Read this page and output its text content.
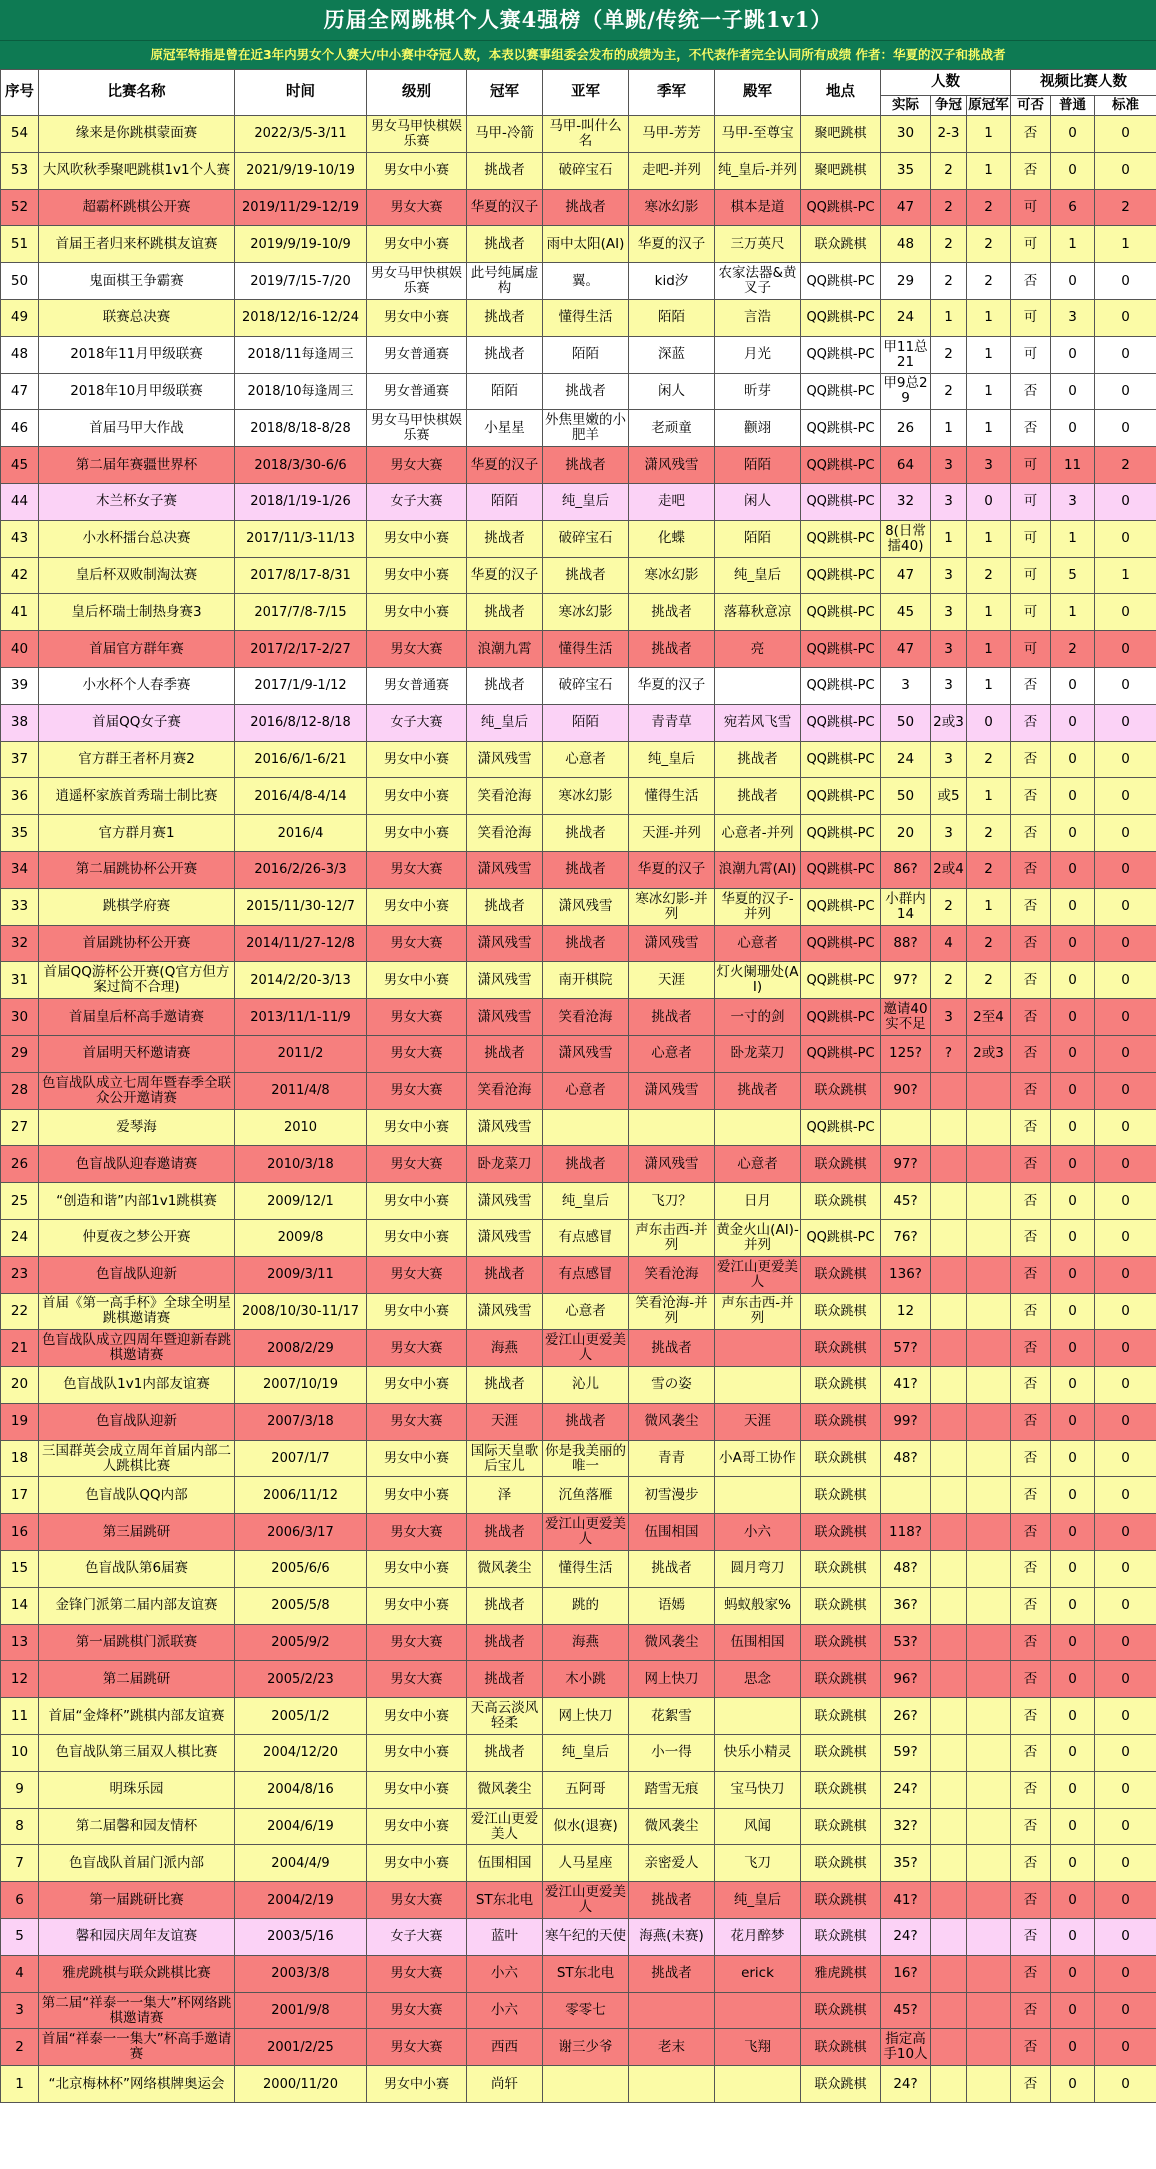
历届全网跳棋个人赛4强榜（单跳/传统一子跳1v1）
原冠军特指是曾在近3年内男女个人赛大/中小赛中夺冠人数，本表以赛事组委会发布的成绩为主，不代表作者完全认同所有成绩 作者：华夏的汉子和挑战者
序号	比赛名称	时间	级别	冠军	亚军	季军	殿军	地点	人数			视频比赛人数		
									实际	争冠	原冠军	可否	普通	标准
54	缘来是你跳棋蒙面赛	2022/3/5-3/11	男女马甲快棋娱乐赛	马甲-冷箭	马甲-叫什么名	马甲-芳芳	马甲-至尊宝	聚吧跳棋	30	2-3	1	否	0	0
53	大风吹秋季聚吧跳棋1v1个人赛	2021/9/19-10/19	男女中小赛	挑战者	破碎宝石	走吧-并列	纯_皇后-并列	聚吧跳棋	35	2	1	否	0	0
52	超霸杯跳棋公开赛	2019/11/29-12/19	男女大赛	华夏的汉子	挑战者	寒冰幻影	棋本是道	QQ跳棋-PC	47	2	2	可	6	2
51	首届王者归来杯跳棋友谊赛	2019/9/19-10/9	男女中小赛	挑战者	雨中太阳(AI)	华夏的汉子	三万英尺	联众跳棋	48	2	2	可	1	1
50	鬼面棋王争霸赛	2019/7/15-7/20	男女马甲快棋娱乐赛	此号纯属虚构	翼。	kid汐	农家法器&黄叉子	QQ跳棋-PC	29	2	2	否	0	0
49	联赛总决赛	2018/12/16-12/24	男女中小赛	挑战者	懂得生活	陌陌	言浩	QQ跳棋-PC	24	1	1	可	3	0
48	2018年11月甲级联赛	2018/11每逢周三	男女普通赛	挑战者	陌陌	深蓝	月光	QQ跳棋-PC	甲11总21	2	1	可	0	0
47	2018年10月甲级联赛	2018/10每逢周三	男女普通赛	陌陌	挑战者	闲人	昕芽	QQ跳棋-PC	甲9总29	2	1	否	0	0
46	首届马甲大作战	2018/8/18-8/28	男女马甲快棋娱乐赛	小星星	外焦里嫩的小肥羊	老顽童	颧翊	QQ跳棋-PC	26	1	1	否	0	0
45	第二届年赛疆世界杯	2018/3/30-6/6	男女大赛	华夏的汉子	挑战者	潇风残雪	陌陌	QQ跳棋-PC	64	3	3	可	11	2
44	木兰杯女子赛	2018/1/19-1/26	女子大赛	陌陌	纯_皇后	走吧	闲人	QQ跳棋-PC	32	3	0	可	3	0
43	小水杯擂台总决赛	2017/11/3-11/13	男女中小赛	挑战者	破碎宝石	化蝶	陌陌	QQ跳棋-PC	8(日常擂40)	1	1	可	1	0
42	皇后杯双败制淘汰赛	2017/8/17-8/31	男女中小赛	华夏的汉子	挑战者	寒冰幻影	纯_皇后	QQ跳棋-PC	47	3	2	可	5	1
41	皇后杯瑞士制热身赛3	2017/7/8-7/15	男女中小赛	挑战者	寒冰幻影	挑战者	落幕秋意凉	QQ跳棋-PC	45	3	1	可	1	0
40	首届官方群年赛	2017/2/17-2/27	男女大赛	浪潮九霄	懂得生活	挑战者	亮	QQ跳棋-PC	47	3	1	可	2	0
39	小水杯个人春季赛	2017/1/9-1/12	男女普通赛	挑战者	破碎宝石	华夏的汉子		QQ跳棋-PC	3	3	1	否	0	0
38	首届QQ女子赛	2016/8/12-8/18	女子大赛	纯_皇后	陌陌	青青草	宛若风飞雪	QQ跳棋-PC	50	2或3	0	否	0	0
37	官方群王者杯月赛2	2016/6/1-6/21	男女中小赛	潇风残雪	心意者	纯_皇后	挑战者	QQ跳棋-PC	24	3	2	否	0	0
36	逍遥杯家族首秀瑞士制比赛	2016/4/8-4/14	男女中小赛	笑看沧海	寒冰幻影	懂得生活	挑战者	QQ跳棋-PC	50	或5	1	否	0	0
35	官方群月赛1	2016/4	男女中小赛	笑看沧海	挑战者	天涯-并列	心意者-并列	QQ跳棋-PC	20	3	2	否	0	0
34	第二届跳协杯公开赛	2016/2/26-3/3	男女大赛	潇风残雪	挑战者	华夏的汉子	浪潮九霄(AI)	QQ跳棋-PC	86?	2或4	2	否	0	0
33	跳棋学府赛	2015/11/30-12/7	男女中小赛	挑战者	潇风残雪	寒冰幻影-并列	华夏的汉子-并列	QQ跳棋-PC	小群内14	2	1	否	0	0
32	首届跳协杯公开赛	2014/11/27-12/8	男女大赛	潇风残雪	挑战者	潇风残雪	心意者	QQ跳棋-PC	88?	4	2	否	0	0
31	首届QQ游杯公开赛(Q官方但方案过简不合理)	2014/2/20-3/13	男女中小赛	潇风残雪	南开棋院	天涯	灯火阑珊处(AI)	QQ跳棋-PC	97?	2	2	否	0	0
30	首届皇后杯高手邀请赛	2013/11/1-11/9	男女大赛	潇风残雪	笑看沧海	挑战者	一寸的剑	QQ跳棋-PC	邀请40实不足	3	2至4	否	0	0
29	首届明天杯邀请赛	2011/2	男女大赛	挑战者	潇风残雪	心意者	卧龙菜刀	QQ跳棋-PC	125?	?	2或3	否	0	0
28	色盲战队成立七周年暨春季全联众公开邀请赛	2011/4/8	男女大赛	笑看沧海	心意者	潇风残雪	挑战者	联众跳棋	90?			否	0	0
27	爱琴海	2010	男女中小赛	潇风残雪				QQ跳棋-PC				否	0	0
26	色盲战队迎春邀请赛	2010/3/18	男女大赛	卧龙菜刀	挑战者	潇风残雪	心意者	联众跳棋	97?			否	0	0
25	“创造和谐”内部1v1跳棋赛	2009/12/1	男女中小赛	潇风残雪	纯_皇后	飞刀？	日月	联众跳棋	45?			否	0	0
24	仲夏夜之梦公开赛	2009/8	男女中小赛	潇风残雪	有点感冒	声东击西-并列	黄金火山(AI)-并列	QQ跳棋-PC	76?			否	0	0
23	色盲战队迎新	2009/3/11	男女大赛	挑战者	有点感冒	笑看沧海	爱江山更爱美人	联众跳棋	136?			否	0	0
22	首届《第一高手杯》全球全明星跳棋邀请赛	2008/10/30-11/17	男女中小赛	潇风残雪	心意者	笑看沧海-并列	声东击西-并列	联众跳棋	12			否	0	0
21	色盲战队成立四周年暨迎新春跳棋邀请赛	2008/2/29	男女大赛	海燕	爱江山更爱美人	挑战者		联众跳棋	57?			否	0	0
20	色盲战队1v1内部友谊赛	2007/10/19	男女中小赛	挑战者	沁儿	雪の姿		联众跳棋	41?			否	0	0
19	色盲战队迎新	2007/3/18	男女大赛	天涯	挑战者	微风袭尘	天涯	联众跳棋	99?			否	0	0
18	三国群英会成立周年首届内部二人跳棋比赛	2007/1/7	男女中小赛	国际天皇歌后宝儿	你是我美丽的唯一	青青	小A哥工协作	联众跳棋	48?			否	0	0
17	色盲战队QQ内部	2006/11/12	男女中小赛	泽	沉鱼落雁	初雪漫步		联众跳棋				否	0	0
16	第三届跳研	2006/3/17	男女大赛	挑战者	爱江山更爱美人	伍围相国	小六	联众跳棋	118?			否	0	0
15	色盲战队第6届赛	2005/6/6	男女中小赛	微风袭尘	懂得生活	挑战者	圆月弯刀	联众跳棋	48?			否	0	0
14	金锋门派第二届内部友谊赛	2005/5/8	男女中小赛	挑战者	跳的	语嫣	蚂蚁般家%	联众跳棋	36?			否	0	0
13	第一届跳棋门派联赛	2005/9/2	男女大赛	挑战者	海燕	微风袭尘	伍围相国	联众跳棋	53?			否	0	0
12	第二届跳研	2005/2/23	男女大赛	挑战者	木小跳	网上快刀	思念	联众跳棋	96?			否	0	0
11	首届“金烽杯”跳棋内部友谊赛	2005/1/2	男女中小赛	天高云淡风轻柔	网上快刀	花絮雪		联众跳棋	26?			否	0	0
10	色盲战队第三届双人棋比赛	2004/12/20	男女中小赛	挑战者	纯_皇后	小一得	快乐小精灵	联众跳棋	59?			否	0	0
9	明珠乐园	2004/8/16	男女中小赛	微风袭尘	五阿哥	踏雪无痕	宝马快刀	联众跳棋	24?			否	0	0
8	第二届馨和园友情杯	2004/6/19	男女中小赛	爱江山更爱美人	似水(退赛)	微风袭尘	风闻	联众跳棋	32?			否	0	0
7	色盲战队首届门派内部	2004/4/9	男女中小赛	伍围相国	人马星座	亲密爱人	飞刀	联众跳棋	35?			否	0	0
6	第一届跳研比赛	2004/2/19	男女大赛	ST东北电	爱江山更爱美人	挑战者	纯_皇后	联众跳棋	41?			否	0	0
5	馨和园庆周年友谊赛	2003/5/16	女子大赛	蓝叶	寒午纪的天使	海燕(未赛)	花月醉梦	联众跳棋	24?			否	0	0
4	雅虎跳棋与联众跳棋比赛	2003/3/8	男女大赛	小六	ST东北电	挑战者	erick	雅虎跳棋	16?			否	0	0
3	第二届“祥泰一一集大”杯网络跳棋邀请赛	2001/9/8	男女大赛	小六	零零七			联众跳棋	45?			否	0	0
2	首届“祥泰一一集大”杯高手邀请赛	2001/2/25	男女大赛	西西	谢三少爷	老末	飞翔	联众跳棋	指定高手10人			否	0	0
1	“北京梅林杯”网络棋牌奥运会	2000/11/20	男女中小赛	尚轩				联众跳棋	24?			否	0	0
